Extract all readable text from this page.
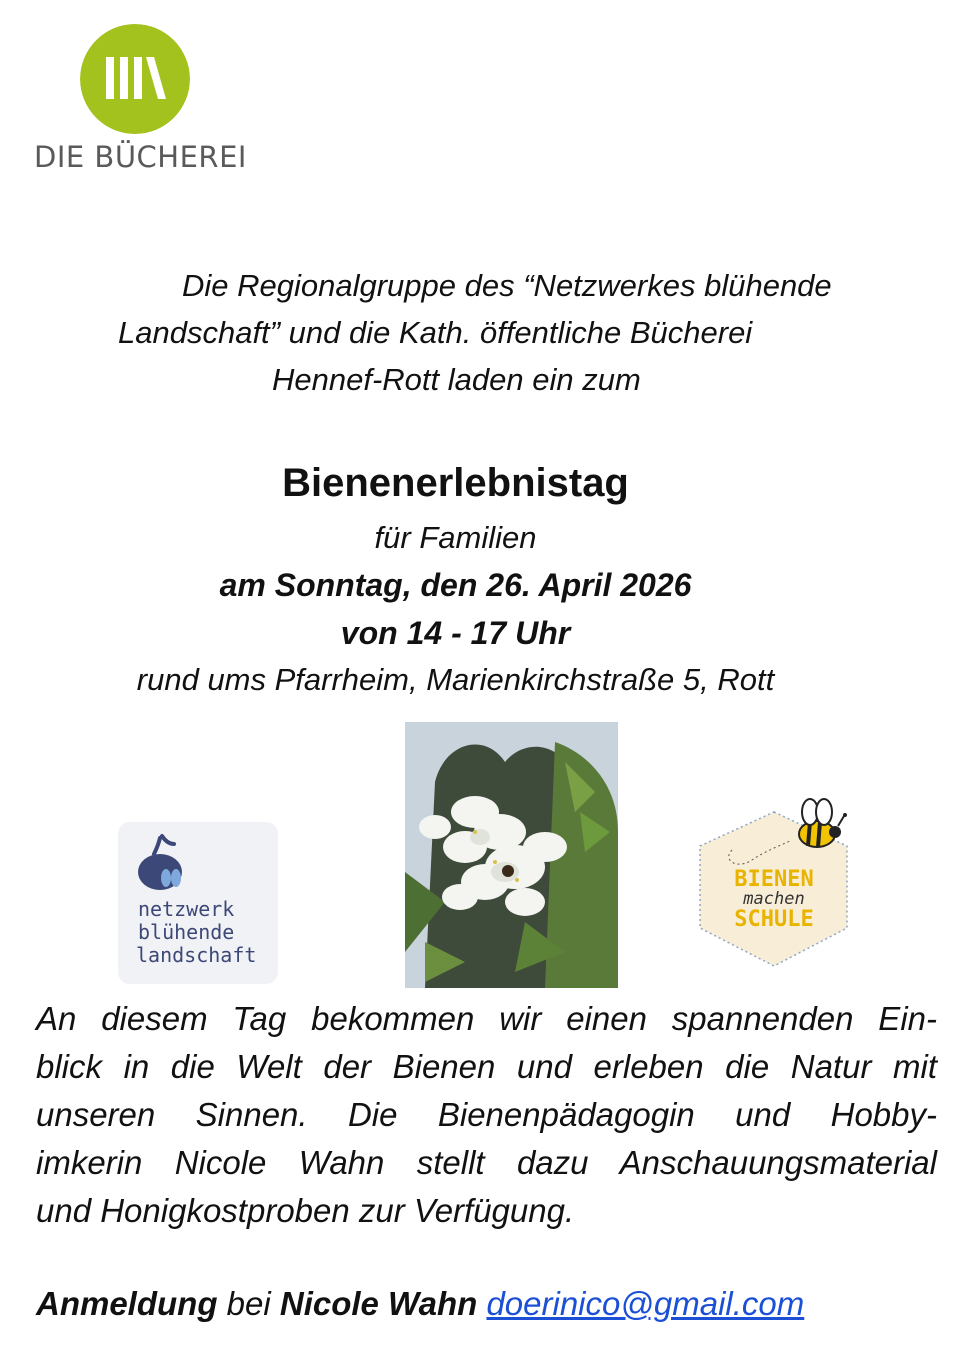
DIE BÜCHEREI
Die Regionalgruppe des “Netzwerkes blühende
Landschaft” und die Kath. öffentliche Bücherei
Hennef-Rott laden ein zum
Bienenerlebnistag
für Familien
am Sonntag, den 26. April 2026
von 14 - 17 Uhr
rund ums Pfarrheim, Marienkirchstraße 5, Rott
netzwerk
blühende
landschaft
BIENEN
machen
SCHULE
An diesem Tag bekommen wir einen spannenden Ein-
blick in die Welt der Bienen und erleben die Natur mit
unseren Sinnen. Die Bienenpädagogin und Hobby-
imkerin Nicole Wahn stellt dazu Anschauungsmaterial
und Honigkostproben zur Verfügung.
Anmeldung bei Nicole Wahn doerinico@gmail.com
